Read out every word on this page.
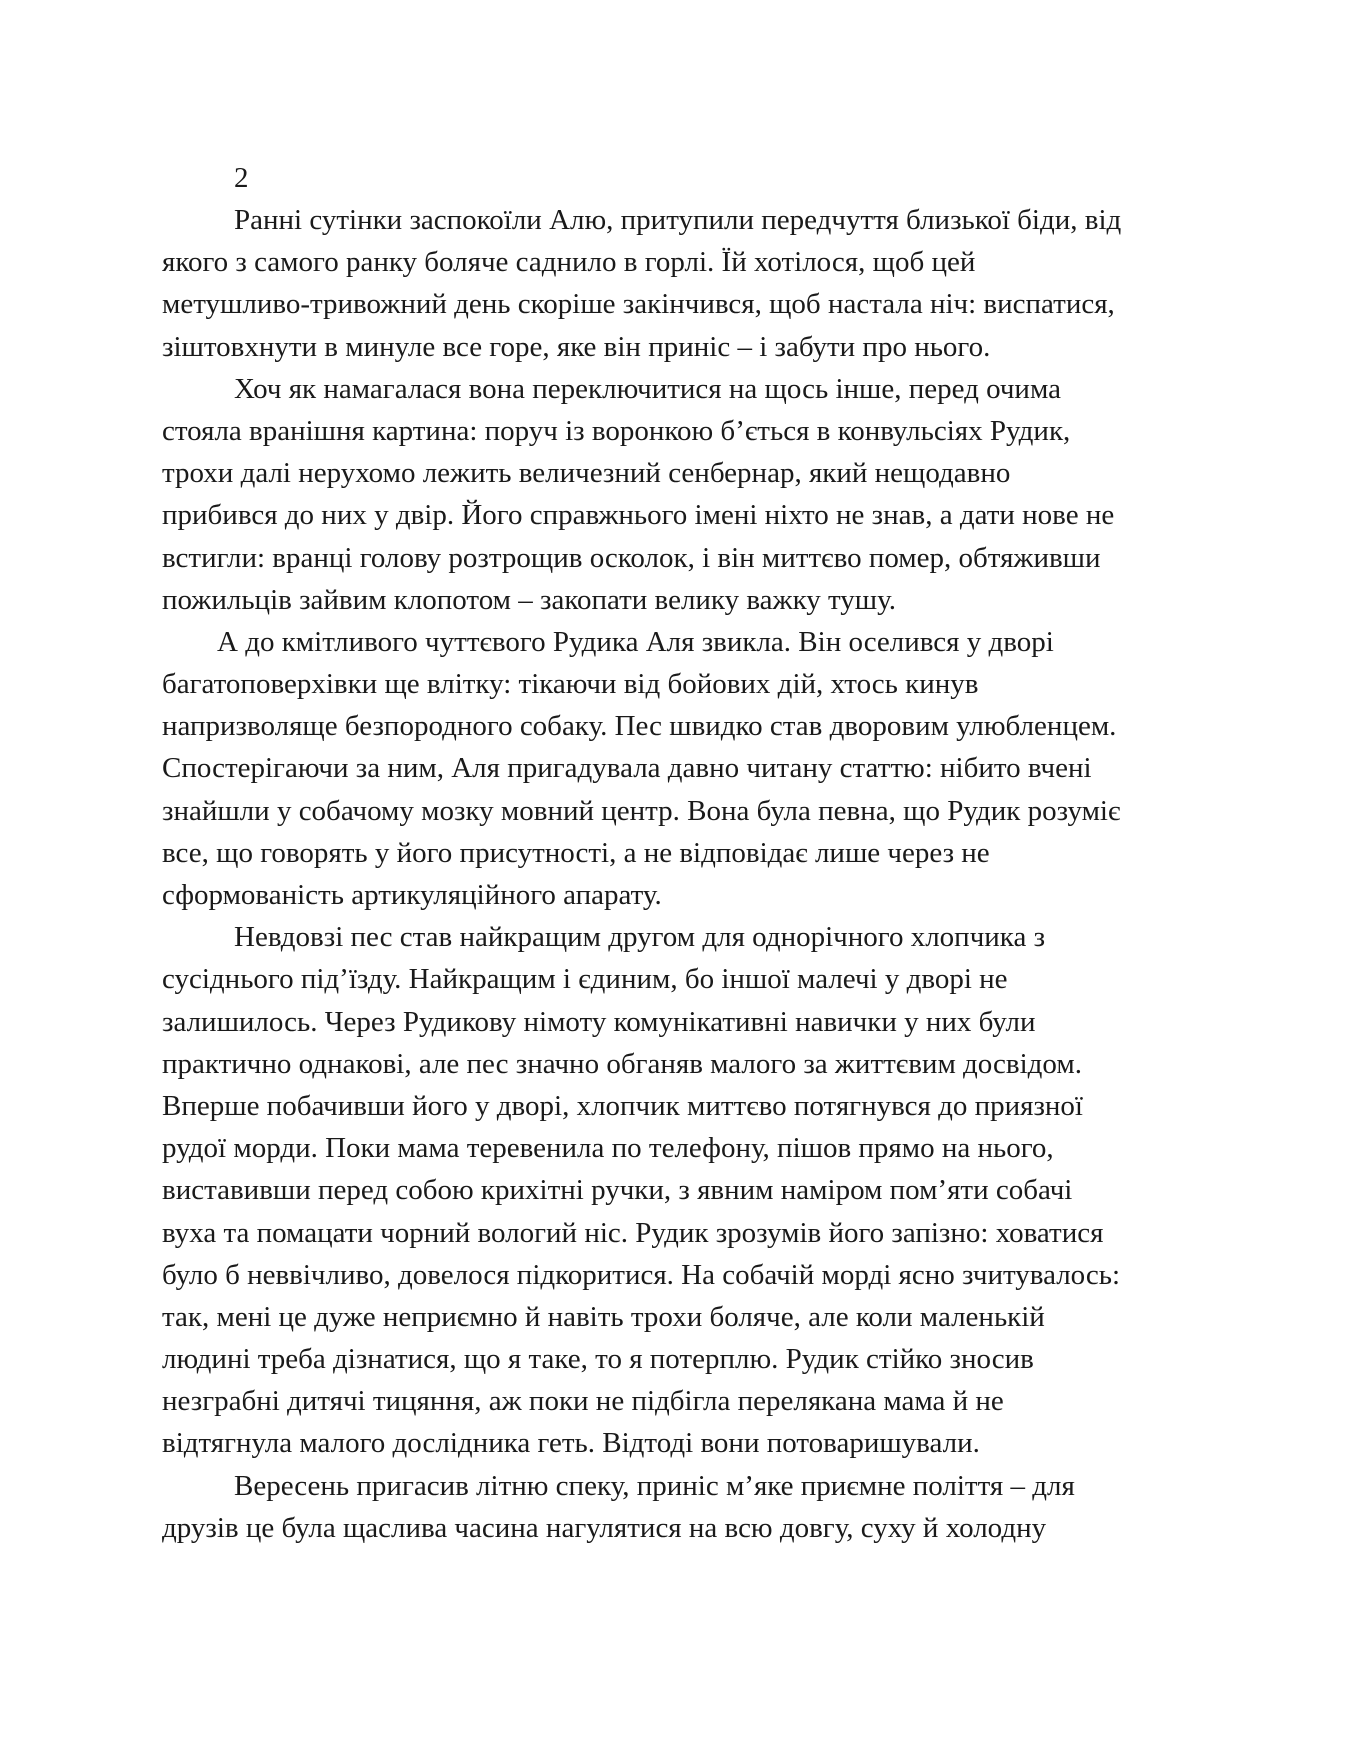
2
Ранні сутінки заспокоїли Алю, притупили передчуття близької біди, від
якого з самого ранку боляче саднило в горлі. Їй хотілося, щоб цей
метушливо-тривожний день скоріше закінчився, щоб настала ніч: виспатися,
зіштовхнути в минуле все горе, яке він приніс – і забути про нього.
Хоч як намагалася вона переключитися на щось інше, перед очима
стояла вранішня картина: поруч із воронкою б’ється в конвульсіях Рудик,
трохи далі нерухомо лежить величезний сенбернар, який нещодавно
прибився до них у двір. Його справжнього імені ніхто не знав, а дати нове не
встигли: вранці голову розтрощив осколок, і він миттєво помер, обтяживши
пожильців зайвим клопотом – закопати велику важку тушу.
А до кмітливого чуттєвого Рудика Аля звикла. Він оселився у дворі
багатоповерхівки ще влітку: тікаючи від бойових дій, хтось кинув
напризволяще безпородного собаку. Пес швидко став дворовим улюбленцем.
Спостерігаючи за ним, Аля пригадувала давно читану статтю: нібито вчені
знайшли у собачому мозку мовний центр. Вона була певна, що Рудик розуміє
все, що говорять у його присутності, а не відповідає лише через не
сформованість артикуляційного апарату.
Невдовзі пес став найкращим другом для однорічного хлопчика з
сусіднього під’їзду. Найкращим і єдиним, бо іншої малечі у дворі не
залишилось. Через Рудикову німоту комунікативні навички у них були
практично однакові, але пес значно обганяв малого за життєвим досвідом.
Вперше побачивши його у дворі, хлопчик миттєво потягнувся до приязної
рудої морди. Поки мама теревенила по телефону, пішов прямо на нього,
виставивши перед собою крихітні ручки, з явним наміром пом’яти собачі
вуха та помацати чорний вологий ніс. Рудик зрозумів його запізно: ховатися
було б неввічливо, довелося підкоритися. На собачій морді ясно зчитувалось:
так, мені це дуже неприємно й навіть трохи боляче, але коли маленькій
людині треба дізнатися, що я таке, то я потерплю. Рудик стійко зносив
незграбні дитячі тицяння, аж поки не підбігла перелякана мама й не
відтягнула малого дослідника геть. Відтоді вони потоваришували.
Вересень пригасив літню спеку, приніс м’яке приємне поліття – для
друзів це була щаслива часина нагулятися на всю довгу, суху й холодну
